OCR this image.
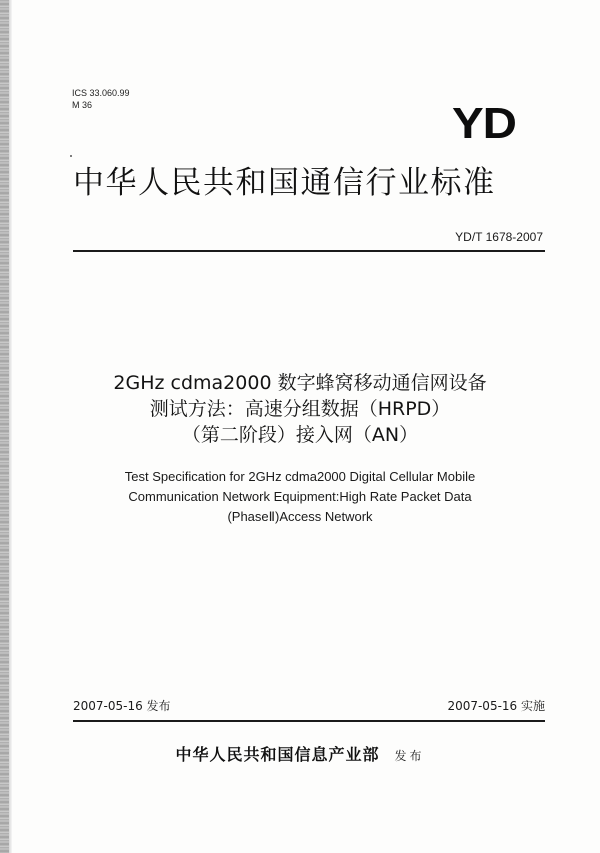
ICS 33.060.99
M 36	YD
中华人民共和国通信行业标准
YD/T 1678-2007
2GHz cdma2000 数字蜂窝移动通信网设备
测试方法：高速分组数据（HRPD）
（第二阶段）接入网（AN）
Test Specification for 2GHz cdma2000 Digital Cellular Mobile
Communication Network Equipment:High Rate Packet Data
(PhaseⅡ)Access Network
2007-05-16 发布	2007-05-16 实施
中华人民共和国信息产业部 发布
